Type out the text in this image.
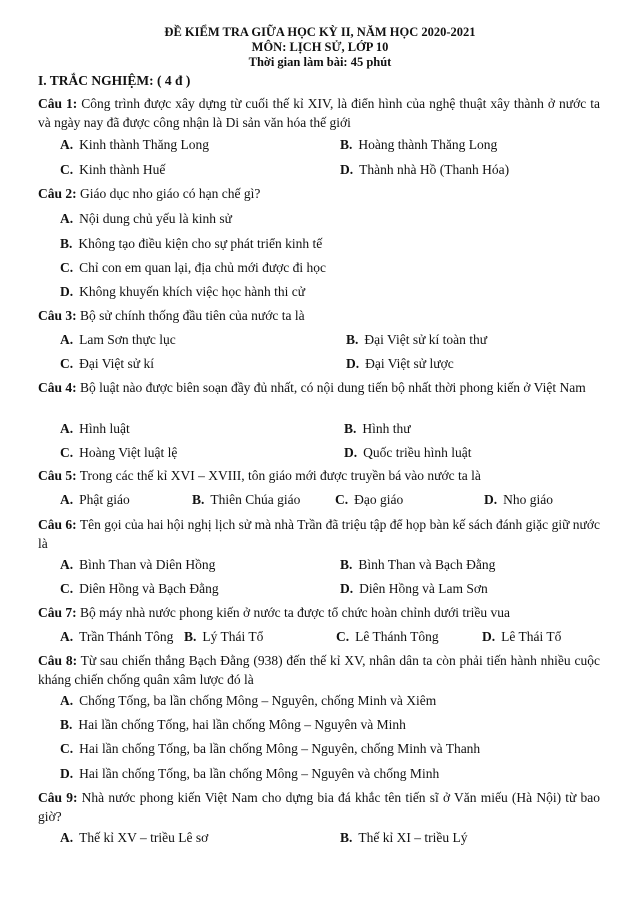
ĐỀ KIỂM TRA GIỮA HỌC KỲ II, NĂM HỌC 2020-2021
MÔN: LỊCH SỬ, LỚP 10
Thời gian làm bài: 45 phút
I. TRẮC NGHIỆM: ( 4 đ )
Câu 1: Công trình được xây dựng từ cuối thế kỉ XIV, là điển hình của nghệ thuật xây thành ở nước ta và ngày nay đã được công nhận là Di sản văn hóa thế giới
A. Kinh thành Thăng Long	B. Hoàng thành Thăng Long
C. Kinh thành Huế	D. Thành nhà Hồ (Thanh Hóa)
Câu 2: Giáo dục nho giáo có hạn chế gì?
A. Nội dung chủ yếu là kinh sử
B. Không tạo điều kiện cho sự phát triển kinh tế
C. Chỉ con em quan lại, địa chủ mới được đi học
D. Không khuyến khích việc học hành thi cử
Câu 3: Bộ sử chính thống đầu tiên của nước ta là
A. Lam Sơn thực lục	B. Đại Việt sử kí toàn thư
C. Đại Việt sử kí	D. Đại Việt sử lược
Câu 4: Bộ luật nào được biên soạn đầy đủ nhất, có nội dung tiến bộ nhất thời phong kiến ở Việt Nam
A. Hình luật	B. Hình thư
C. Hoàng Việt luật lệ	D. Quốc triều hình luật
Câu 5: Trong các thế kỉ XVI – XVIII, tôn giáo mới được truyền bá vào nước ta là
A. Phật giáo	B. Thiên Chúa giáo	C. Đạo giáo	D. Nho giáo
Câu 6: Tên gọi của hai hội nghị lịch sử mà nhà Trần đã triệu tập để họp bàn kế sách đánh giặc giữ nước là
A. Bình Than và Diên Hồng	B. Bình Than và Bạch Đằng
C. Diên Hồng và Bạch Đằng	D. Diên Hồng và Lam Sơn
Câu 7: Bộ máy nhà nước phong kiến ở nước ta được tổ chức hoàn chỉnh dưới triều vua
A. Trần Thánh Tông B. Lý Thái Tổ	C. Lê Thánh Tông	D. Lê Thái Tổ
Câu 8: Từ sau chiến thắng Bạch Đằng (938) đến thế kỉ XV, nhân dân ta còn phải tiến hành nhiều cuộc kháng chiến chống quân xâm lược đó là
A. Chống Tống, ba lần chống Mông – Nguyên, chống Minh và Xiêm
B. Hai lần chống Tống, hai lần chống Mông – Nguyên và Minh
C. Hai lần chống Tống, ba lần chống Mông – Nguyên, chống Minh và Thanh
D. Hai lần chống Tống, ba lần chống Mông – Nguyên và chống Minh
Câu 9: Nhà nước phong kiến Việt Nam cho dựng bia đá khắc tên tiến sĩ ở Văn miếu (Hà Nội) từ bao giờ?
A. Thế kỉ XV – triều Lê sơ	B. Thế kỉ XI – triều Lý
